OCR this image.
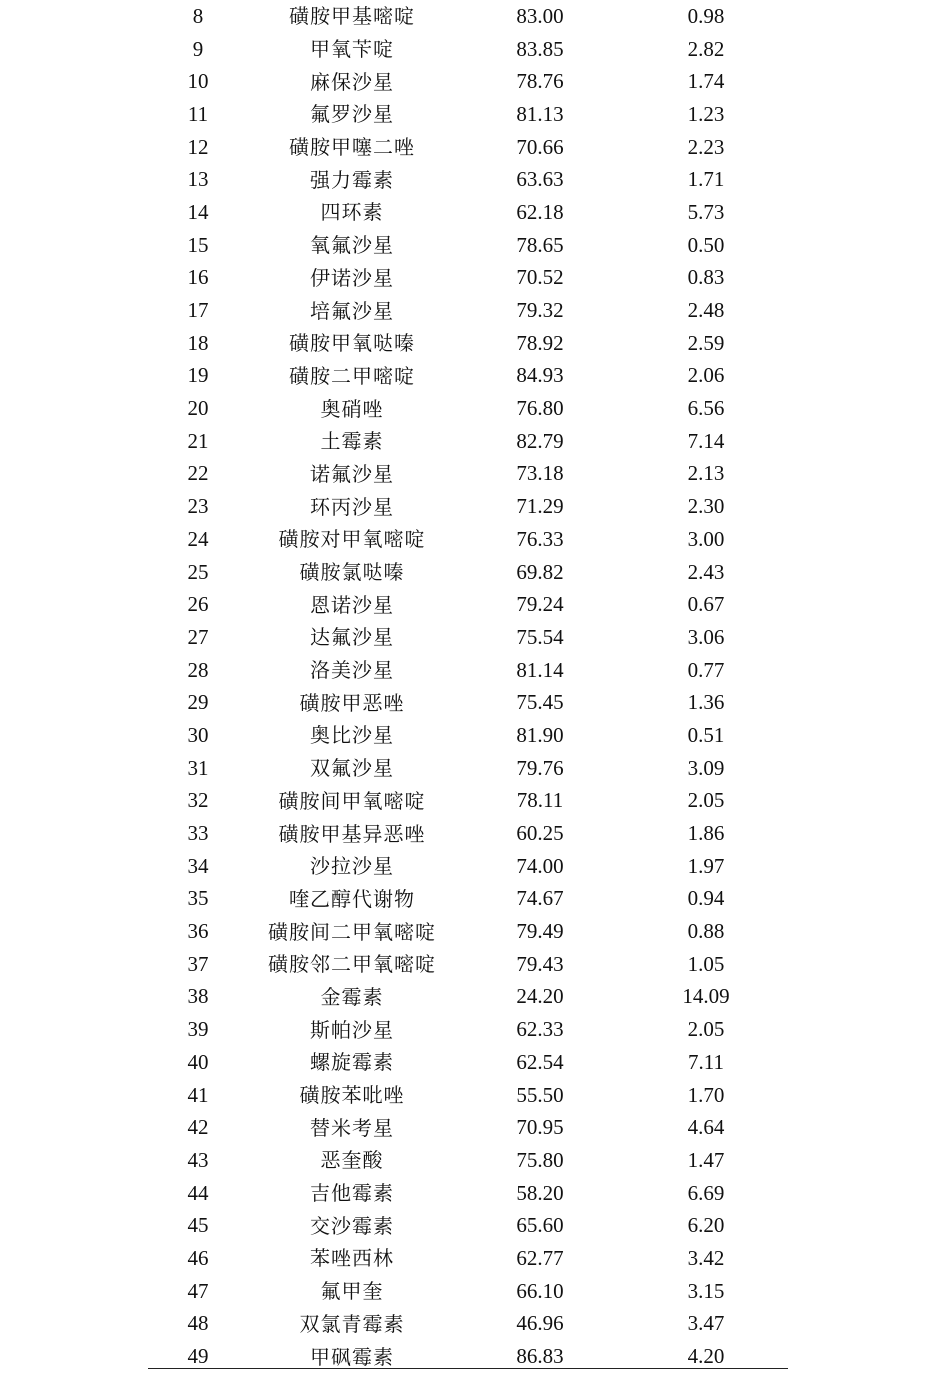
8	磺胺甲基嘧啶	83.00	0.98
9	甲氧苄啶	83.85	2.82
10	麻保沙星	78.76	1.74
11	氟罗沙星	81.13	1.23
12	磺胺甲噻二唑	70.66	2.23
13	强力霉素	63.63	1.71
14	四环素	62.18	5.73
15	氧氟沙星	78.65	0.50
16	伊诺沙星	70.52	0.83
17	培氟沙星	79.32	2.48
18	磺胺甲氧哒嗪	78.92	2.59
19	磺胺二甲嘧啶	84.93	2.06
20	奥硝唑	76.80	6.56
21	土霉素	82.79	7.14
22	诺氟沙星	73.18	2.13
23	环丙沙星	71.29	2.30
24	磺胺对甲氧嘧啶	76.33	3.00
25	磺胺氯哒嗪	69.82	2.43
26	恩诺沙星	79.24	0.67
27	达氟沙星	75.54	3.06
28	洛美沙星	81.14	0.77
29	磺胺甲恶唑	75.45	1.36
30	奥比沙星	81.90	0.51
31	双氟沙星	79.76	3.09
32	磺胺间甲氧嘧啶	78.11	2.05
33	磺胺甲基异恶唑	60.25	1.86
34	沙拉沙星	74.00	1.97
35	喹乙醇代谢物	74.67	0.94
36	磺胺间二甲氧嘧啶	79.49	0.88
37	磺胺邻二甲氧嘧啶	79.43	1.05
38	金霉素	24.20	14.09
39	斯帕沙星	62.33	2.05
40	螺旋霉素	62.54	7.11
41	磺胺苯吡唑	55.50	1.70
42	替米考星	70.95	4.64
43	恶奎酸	75.80	1.47
44	吉他霉素	58.20	6.69
45	交沙霉素	65.60	6.20
46	苯唑西林	62.77	3.42
47	氟甲奎	66.10	3.15
48	双氯青霉素	46.96	3.47
49	甲砜霉素	86.83	4.20
